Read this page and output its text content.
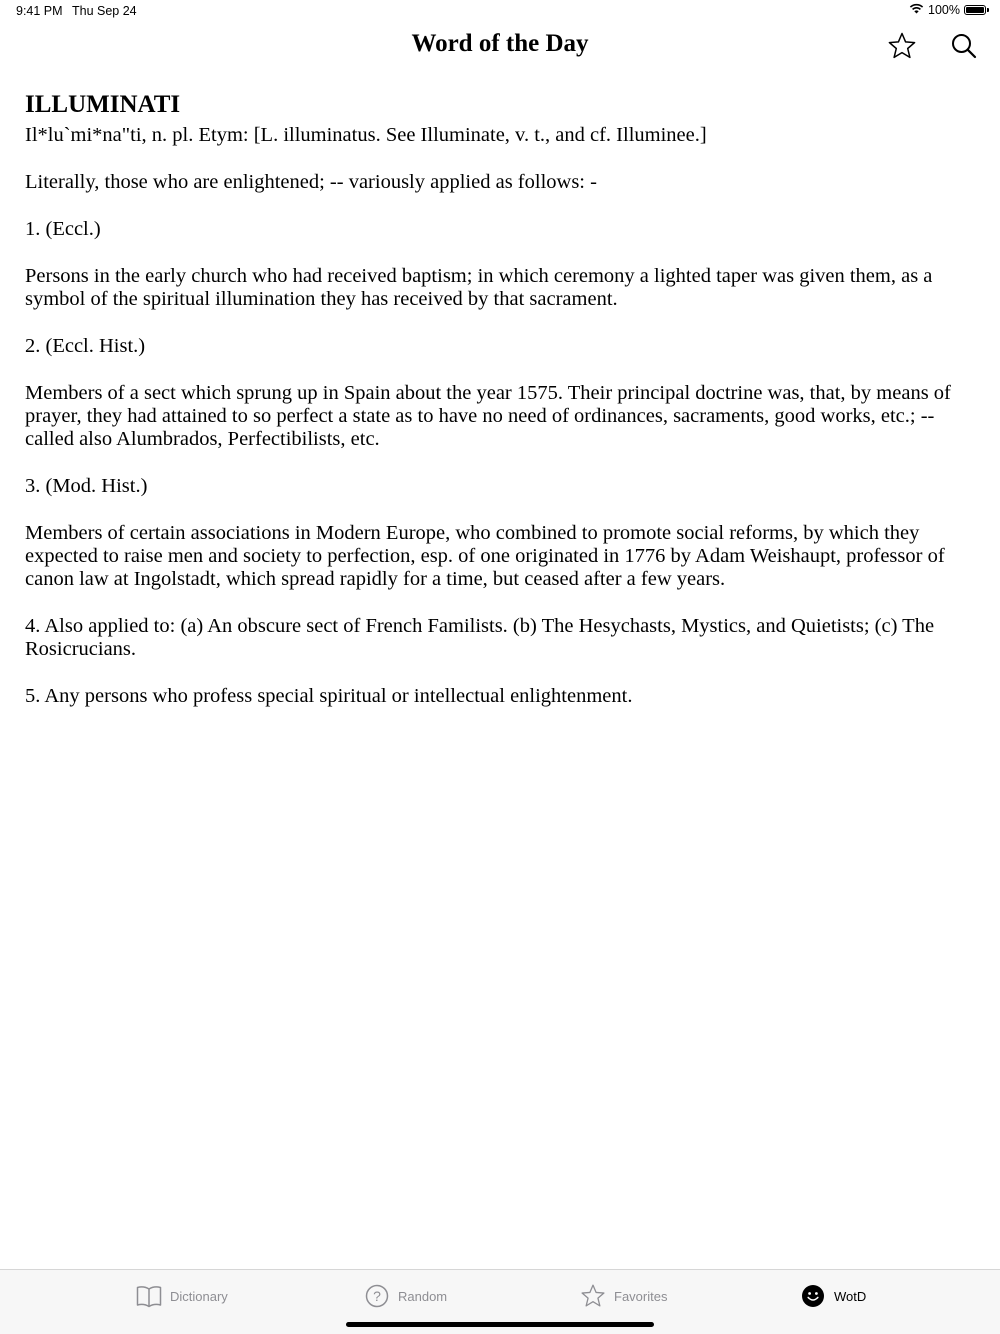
9:41 PM Thu Sep 24	100%
Word of the Day
ILLUMINATI

Il*lu`mi*na"ti, n. pl. Etym: [L. illuminatus. See Illuminate, v. t., and cf. Illuminee.]

Literally, those who are enlightened; -- variously applied as follows: -

1. (Eccl.)

Persons in the early church who had received baptism; in which ceremony a lighted taper was given them, as a symbol of the spiritual illumination they has received by that sacrament.

2. (Eccl. Hist.)

Members of a sect which sprung up in Spain about the year 1575. Their principal doctrine was, that, by means of prayer, they had attained to so perfect a state as to have no need of ordinances, sacraments, good works, etc.; -- called also Alumbrados, Perfectibilists, etc.

3. (Mod. Hist.)

Members of certain associations in Modern Europe, who combined to promote social reforms, by which they expected to raise men and society to perfection, esp. of one originated in 1776 by Adam Weishaupt, professor of canon law at Ingolstadt, which spread rapidly for a time, but ceased after a few years.

4. Also applied to: (a) An obscure sect of French Familists. (b) The Hesychasts, Mystics, and Quietists; (c) The Rosicrucians.

5. Any persons who profess special spiritual or intellectual enlightenment.

Dictionary	? Random	Favorites	WotD
